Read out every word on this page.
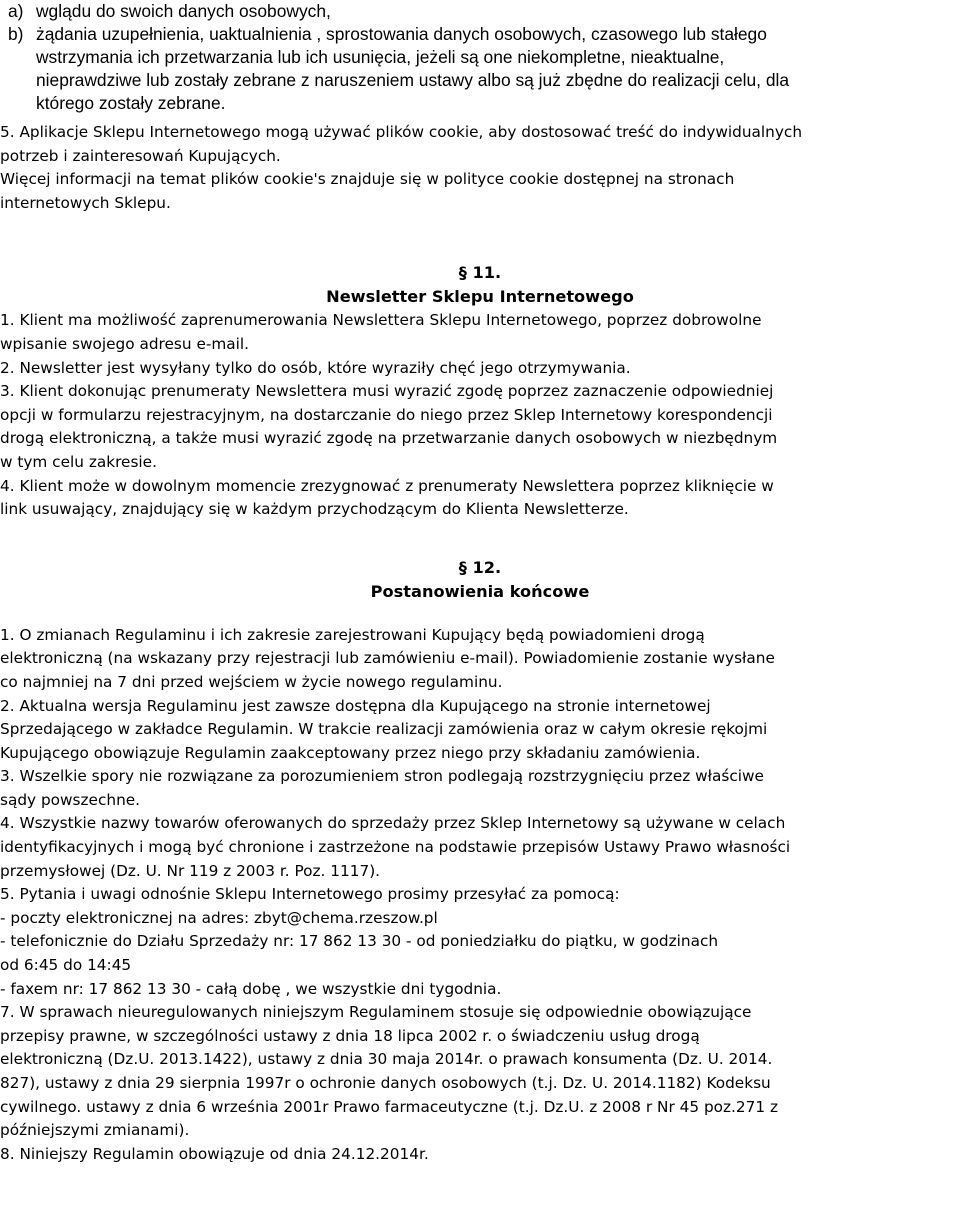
a) wglądu do swoich danych osobowych,
b) żądania uzupełnienia, uaktualnienia , sprostowania danych osobowych, czasowego lub stałego
wstrzymania ich przetwarzania lub ich usunięcia, jeżeli są one niekompletne, nieaktualne,
nieprawdziwe lub zostały zebrane z naruszeniem ustawy albo są już zbędne do realizacji celu, dla
którego zostały zebrane.
5. Aplikacje Sklepu Internetowego mogą używać plików cookie, aby dostosować treść do indywidualnych
potrzeb i zainteresowań Kupujących.
Więcej informacji na temat plików cookie's znajduje się w polityce cookie dostępnej na stronach
internetowych Sklepu.
§ 11.
Newsletter Sklepu Internetowego
1. Klient ma możliwość zaprenumerowania Newslettera Sklepu Internetowego, poprzez dobrowolne
wpisanie swojego adresu e-mail.
2. Newsletter jest wysyłany tylko do osób, które wyraziły chęć jego otrzymywania.
3. Klient dokonując prenumeraty Newslettera musi wyrazić zgodę poprzez zaznaczenie odpowiedniej
opcji w formularzu rejestracyjnym, na dostarczanie do niego przez Sklep Internetowy korespondencji
drogą elektroniczną, a także musi wyrazić zgodę na przetwarzanie danych osobowych w niezbędnym
w tym celu zakresie.
4. Klient może w dowolnym momencie zrezygnować z prenumeraty Newslettera poprzez kliknięcie w
link usuwający, znajdujący się w każdym przychodzącym do Klienta Newsletterze.
§ 12.
Postanowienia końcowe
1. O zmianach Regulaminu i ich zakresie zarejestrowani Kupujący będą powiadomieni drogą
elektroniczną (na wskazany przy rejestracji lub zamówieniu e-mail). Powiadomienie zostanie wysłane
co najmniej na 7 dni przed wejściem w życie nowego regulaminu.
2. Aktualna wersja Regulaminu jest zawsze dostępna dla Kupującego na stronie internetowej
Sprzedającego w zakładce Regulamin. W trakcie realizacji zamówienia oraz w całym okresie rękojmi
Kupującego obowiązuje Regulamin zaakceptowany przez niego przy składaniu zamówienia.
3. Wszelkie spory nie rozwiązane za porozumieniem stron podlegają rozstrzygnięciu przez właściwe
sądy powszechne.
4. Wszystkie nazwy towarów oferowanych do sprzedaży przez Sklep Internetowy są używane w celach
identyfikacyjnych i mogą być chronione i zastrzeżone na podstawie przepisów Ustawy Prawo własności
przemysłowej (Dz. U. Nr 119 z 2003 r. Poz. 1117).
5. Pytania i uwagi odnośnie Sklepu Internetowego prosimy przesyłać za pomocą:
- poczty elektronicznej na adres: zbyt@chema.rzeszow.pl
- telefonicznie do Działu Sprzedaży nr: 17 862 13 30 - od poniedziałku do piątku, w godzinach
od 6:45 do 14:45
- faxem nr: 17 862 13 30 - całą dobę , we wszystkie dni tygodnia.
7. W sprawach nieuregulowanych niniejszym Regulaminem stosuje się odpowiednie obowiązujące
przepisy prawne, w szczególności ustawy z dnia 18 lipca 2002 r. o świadczeniu usług drogą
elektroniczną (Dz.U. 2013.1422), ustawy z dnia 30 maja 2014r. o prawach konsumenta (Dz. U. 2014.
827), ustawy z dnia 29 sierpnia 1997r o ochronie danych osobowych (t.j. Dz. U. 2014.1182) Kodeksu
cywilnego. ustawy z dnia 6 września 2001r Prawo farmaceutyczne (t.j. Dz.U. z 2008 r Nr 45 poz.271 z
późniejszymi zmianami).
8. Niniejszy Regulamin obowiązuje od dnia 24.12.2014r.
